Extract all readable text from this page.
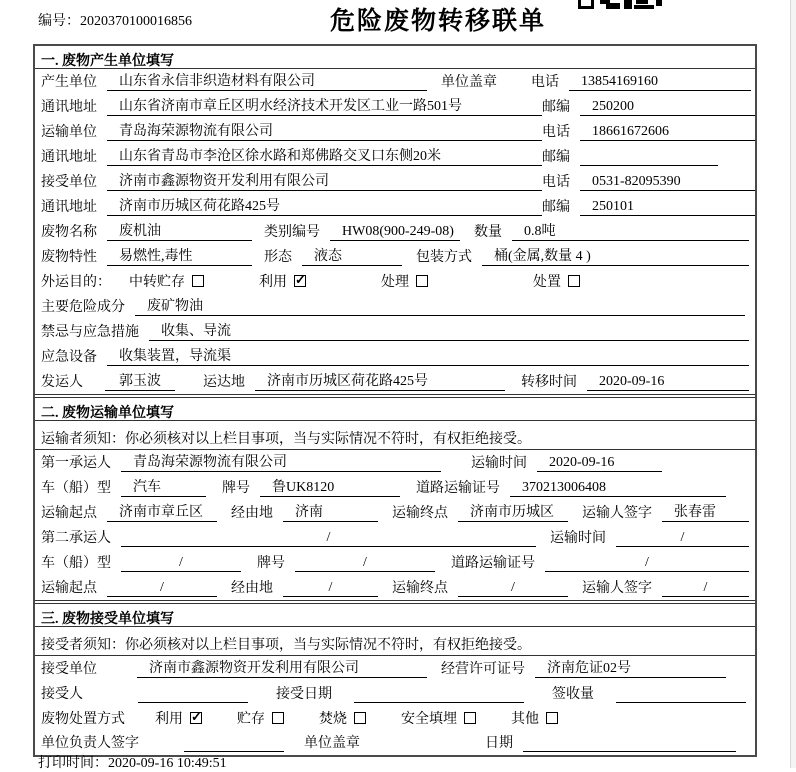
编号：2020370100016856	危险废物转移联单
一. 废物产生单位填写
产生单位	山东省永信非织造材料有限公司	单位盖章 电话	13854169160
通讯地址	山东省济南市章丘区明水经济技术开发区工业一路501号	邮编	250200
运输单位	青岛海荣源物流有限公司	电话	18661672606
通讯地址	山东省青岛市李沧区徐水路和郑佛路交叉口东侧20米	邮编
接受单位	济南市鑫源物资开发利用有限公司	电话	0531-82095390
通讯地址	济南市历城区荷花路425号	邮编	250101
废物名称	废机油	类别编号	HW08(900-249-08)	数量	0.8吨
废物特性	易燃性,毒性	形态	液态	包装方式	桶(金属,数量 4 )
外运目的： 中转贮存	利用 ✓	处理	处置
主要危险成分	废矿物油
禁忌与应急措施	收集、导流
应急设备	收集装置，导流渠
发运人	郭玉波	运达地	济南市历城区荷花路425号	转移时间	2020-09-16
二. 废物运输单位填写
运输者须知：你必须核对以上栏目事项，当与实际情况不符时，有权拒绝接受。
第一承运人	青岛海荣源物流有限公司	运输时间	2020-09-16
车（船）型	汽车	牌号	鲁UK8120	道路运输证号	370213006408
运输起点	济南市章丘区	经由地	济南	运输终点	济南市历城区	运输人签字	张春雷
第二承运人	/	运输时间	/
车（船）型	/	牌号	/	道路运输证号	/
运输起点	/	经由地	/	运输终点	/	运输人签字	/
三. 废物接受单位填写
接受者须知：你必须核对以上栏目事项，当与实际情况不符时，有权拒绝接受。
接受单位	济南市鑫源物资开发利用有限公司	经营许可证号	济南危证02号
接受人	接受日期	签收量
废物处置方式 利用 ✓	贮存	焚烧	安全填埋	其他
单位负责人签字	单位盖章	日期
打印时间：2020-09-16 10:49:51
